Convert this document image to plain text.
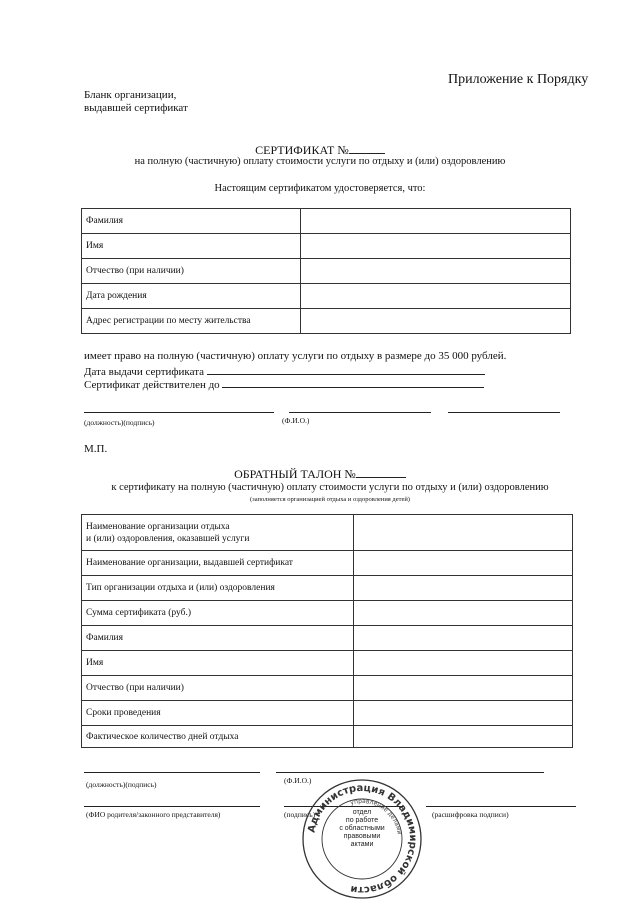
Приложение к Порядку
Бланк организации,
выдавшей сертификат
СЕРТИФИКАТ №
на полную (частичную) оплату стоимости услуги по отдыху и (или) оздоровлению
Настоящим сертификатом удостоверяется, что:
Фамилия	
Имя	
Отчество (при наличии)	
Дата рождения	
Адрес регистрации по месту жительства	
имеет право на полную (частичную) оплату услуги по отдыху в размере до 35 000 рублей.
Дата выдачи сертификата
Сертификат действителен до
(должность)(подпись)	(Ф.И.О.)
М.П.
ОБРАТНЫЙ ТАЛОН №
к сертификату на полную (частичную) оплату стоимости услуги по отдыху и (или) оздоровлению
(заполняется организацией отдыха и оздоровления детей)
Наименование организации отдыха
и (или) оздоровления, оказавшей услуги	

Наименование организации, выдавшей сертификат	
Тип организации отдыха и (или) оздоровления	
Сумма сертификата (руб.)	
Фамилия	
Имя	
Отчество (при наличии)	
Сроки проведения	
Фактическое количество дней отдыха	
(должность)(подпись)	(Ф.И.О.)
(ФИО родителя/законного представителя)	(подпись)	(расшифровка подписи)
Администрация Владимирской области
управление делами
отдел
по работе
с областными
правовыми
актами
